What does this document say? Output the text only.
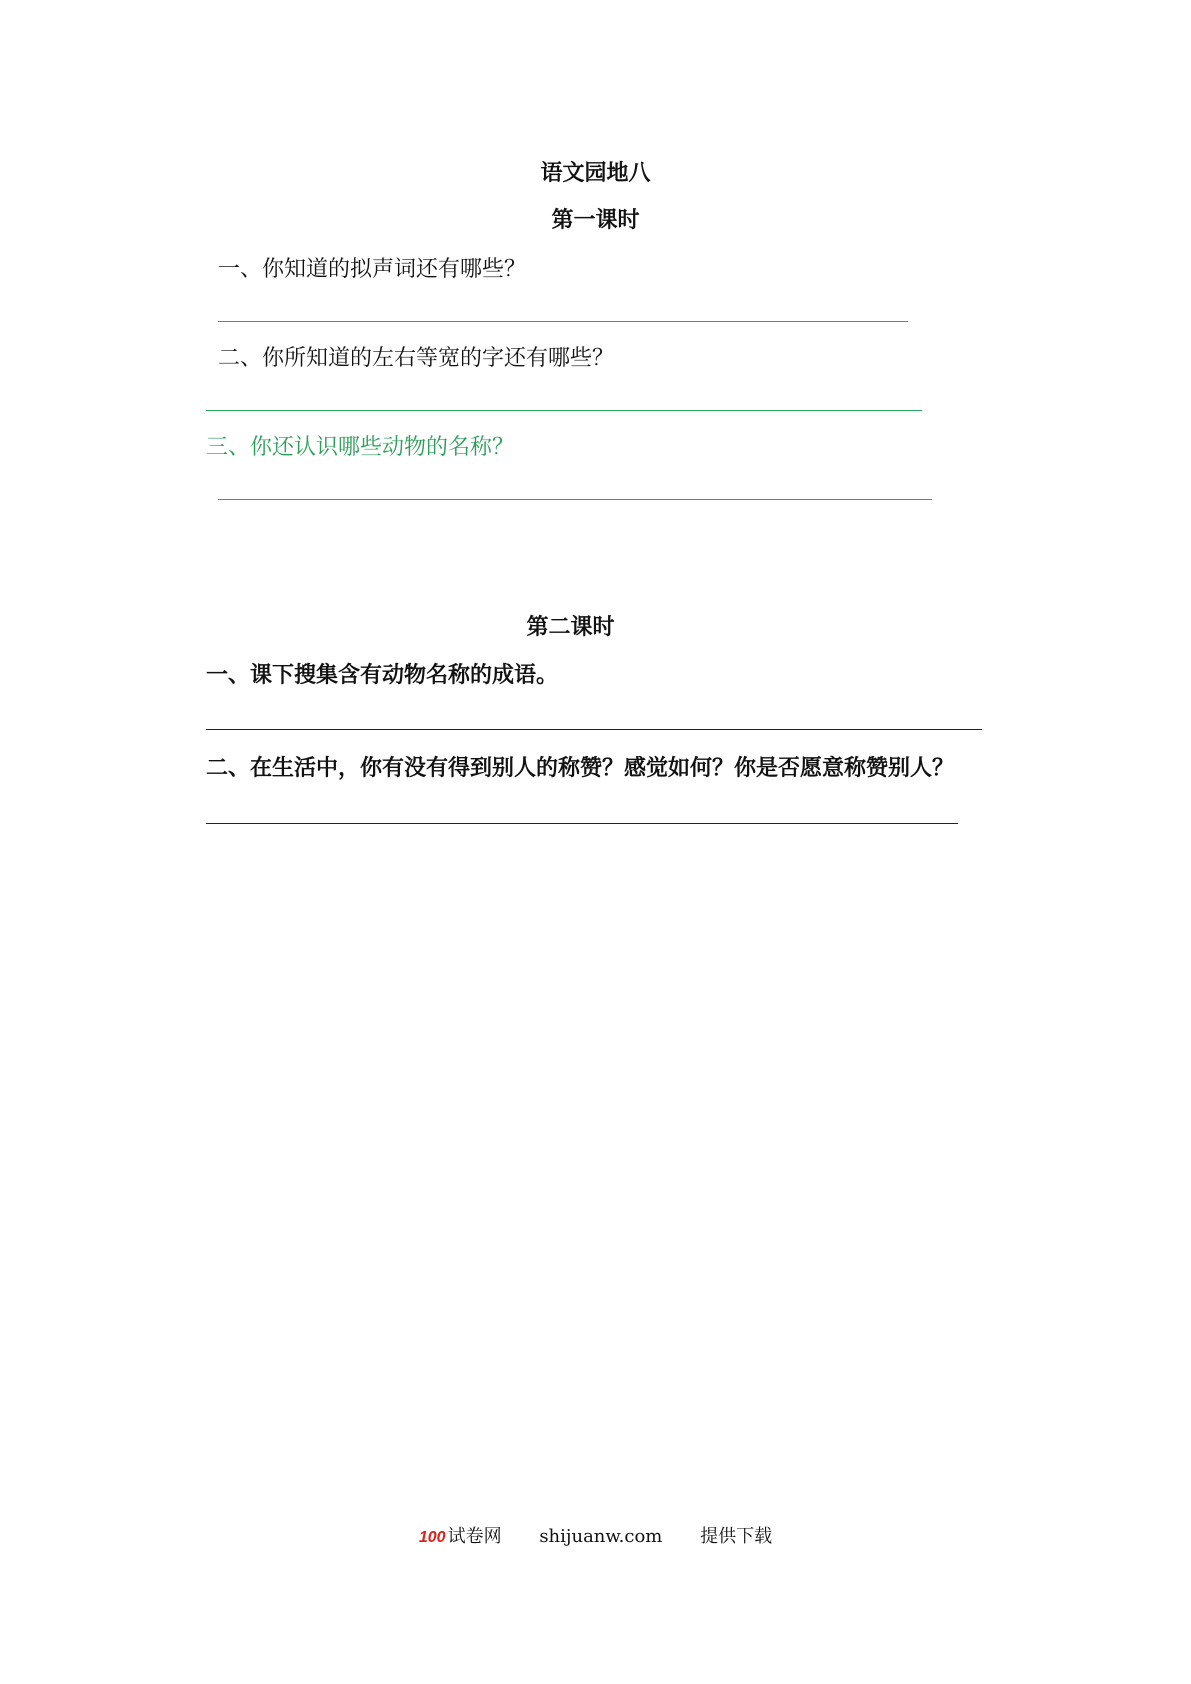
语文园地八
第一课时
一、你知道的拟声词还有哪些？
二、你所知道的左右等宽的字还有哪些？
三、你还认识哪些动物的名称？
第二课时
一、课下搜集含有动物名称的成语。
二、在生活中，你有没有得到别人的称赞？感觉如何？你是否愿意称赞别人？
100 试卷网 shijuanw.com 提供下载
